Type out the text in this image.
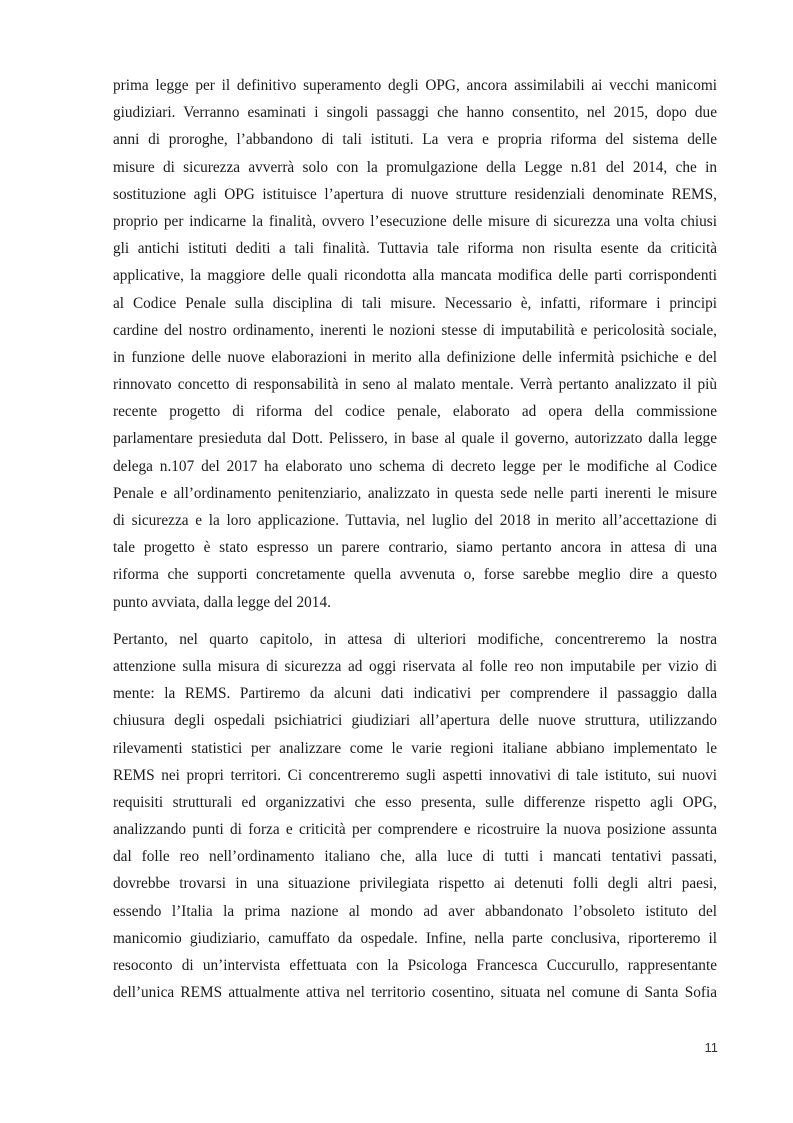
prima legge per il definitivo superamento degli OPG, ancora assimilabili ai vecchi manicomi
giudiziari. Verranno esaminati i singoli passaggi che hanno consentito, nel 2015, dopo due
anni di proroghe, l’abbandono di tali istituti. La vera e propria riforma del sistema delle
misure di sicurezza avverrà solo con la promulgazione della Legge n.81 del 2014, che in
sostituzione agli OPG istituisce l’apertura di nuove strutture residenziali denominate REMS,
proprio per indicarne la finalità, ovvero l’esecuzione delle misure di sicurezza una volta chiusi
gli antichi istituti dediti a tali finalità. Tuttavia tale riforma non risulta esente da criticità
applicative, la maggiore delle quali ricondotta alla mancata modifica delle parti corrispondenti
al Codice Penale sulla disciplina di tali misure. Necessario è, infatti, riformare i principi
cardine del nostro ordinamento, inerenti le nozioni stesse di imputabilità e pericolosità sociale,
in funzione delle nuove elaborazioni in merito alla definizione delle infermità psichiche e del
rinnovato concetto di responsabilità in seno al malato mentale. Verrà pertanto analizzato il più
recente progetto di riforma del codice penale, elaborato ad opera della commissione
parlamentare presieduta dal Dott. Pelissero, in base al quale il governo, autorizzato dalla legge
delega n.107 del 2017 ha elaborato uno schema di decreto legge per le modifiche al Codice
Penale e all’ordinamento penitenziario, analizzato in questa sede nelle parti inerenti le misure
di sicurezza e la loro applicazione. Tuttavia, nel luglio del 2018 in merito all’accettazione di
tale progetto è stato espresso un parere contrario, siamo pertanto ancora in attesa di una
riforma che supporti concretamente quella avvenuta o, forse sarebbe meglio dire a questo
punto avviata, dalla legge del 2014.
Pertanto, nel quarto capitolo, in attesa di ulteriori modifiche, concentreremo la nostra
attenzione sulla misura di sicurezza ad oggi riservata al folle reo non imputabile per vizio di
mente: la REMS. Partiremo da alcuni dati indicativi per comprendere il passaggio dalla
chiusura degli ospedali psichiatrici giudiziari all’apertura delle nuove struttura, utilizzando
rilevamenti statistici per analizzare come le varie regioni italiane abbiano implementato le
REMS nei propri territori. Ci concentreremo sugli aspetti innovativi di tale istituto, sui nuovi
requisiti strutturali ed organizzativi che esso presenta, sulle differenze rispetto agli OPG,
analizzando punti di forza e criticità per comprendere e ricostruire la nuova posizione assunta
dal folle reo nell’ordinamento italiano che, alla luce di tutti i mancati tentativi passati,
dovrebbe trovarsi in una situazione privilegiata rispetto ai detenuti folli degli altri paesi,
essendo l’Italia la prima nazione al mondo ad aver abbandonato l’obsoleto istituto del
manicomio giudiziario, camuffato da ospedale. Infine, nella parte conclusiva, riporteremo il
resoconto di un’intervista effettuata con la Psicologa Francesca Cuccurullo, rappresentante
dell’unica REMS attualmente attiva nel territorio cosentino, situata nel comune di Santa Sofia
11
